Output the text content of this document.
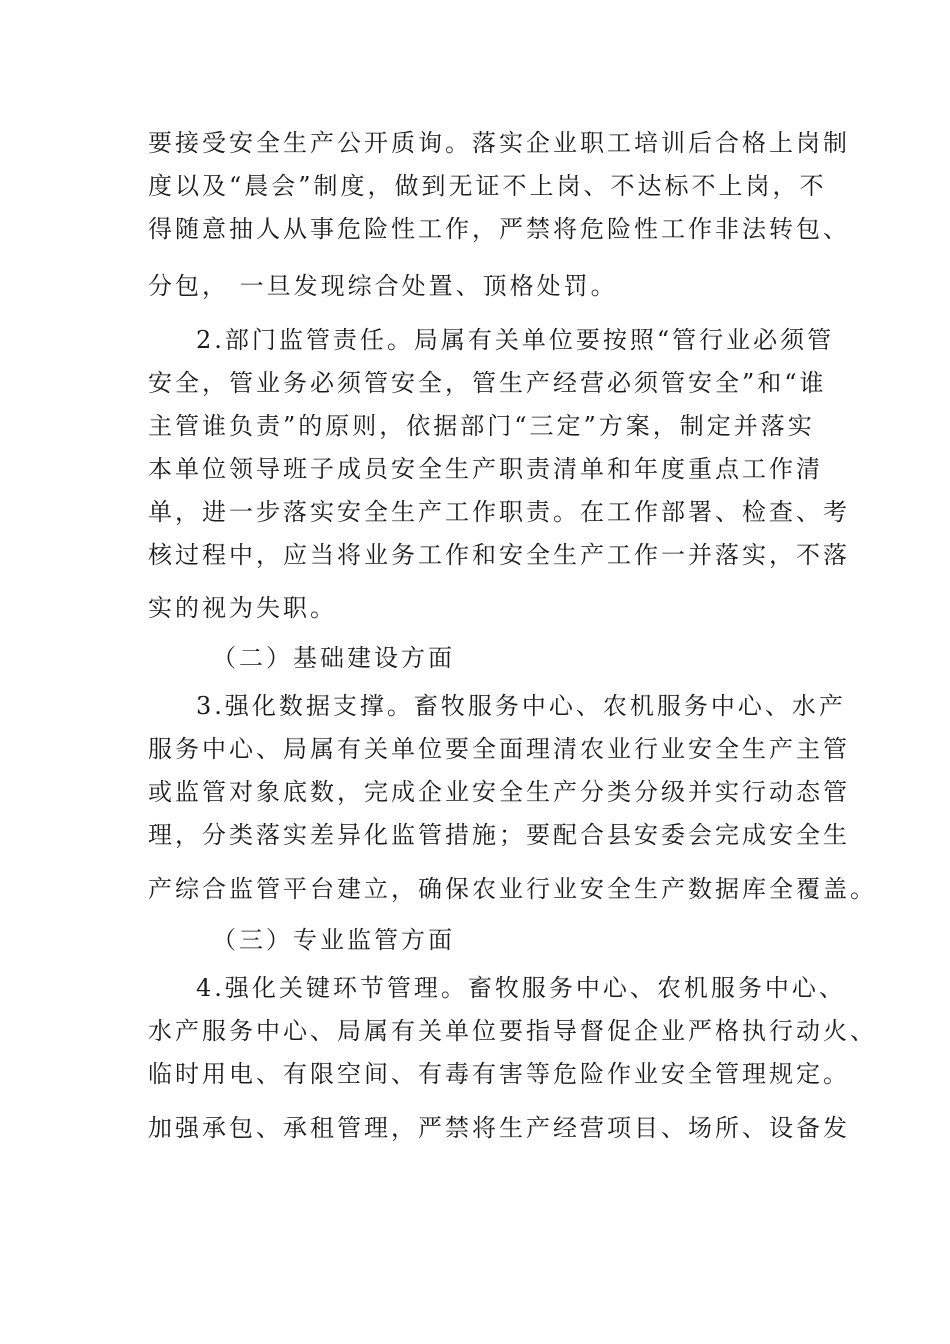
要接受安全生产公开质询。落实企业职工培训后合格上岗制
度以及“晨会”制度，做到无证不上岗、不达标不上岗，不
得随意抽人从事危险性工作，严禁将危险性工作非法转包、
分包， 一旦发现综合处置、顶格处罚。
2.部门监管责任。局属有关单位要按照“管行业必须管
安全，管业务必须管安全，管生产经营必须管安全”和“谁
主管谁负责”的原则，依据部门“三定”方案，制定并落实
本单位领导班子成员安全生产职责清单和年度重点工作清
单，进一步落实安全生产工作职责。在工作部署、检查、考
核过程中，应当将业务工作和安全生产工作一并落实，不落
实的视为失职。
（二）基础建设方面
3.强化数据支撑。畜牧服务中心、农机服务中心、水产
服务中心、局属有关单位要全面理清农业行业安全生产主管
或监管对象底数，完成企业安全生产分类分级并实行动态管
理，分类落实差异化监管措施；要配合县安委会完成安全生
产综合监管平台建立，确保农业行业安全生产数据库全覆盖。
（三）专业监管方面
4.强化关键环节管理。畜牧服务中心、农机服务中心、
水产服务中心、局属有关单位要指导督促企业严格执行动火、
临时用电、有限空间、有毒有害等危险作业安全管理规定。
加强承包、承租管理，严禁将生产经营项目、场所、设备发
